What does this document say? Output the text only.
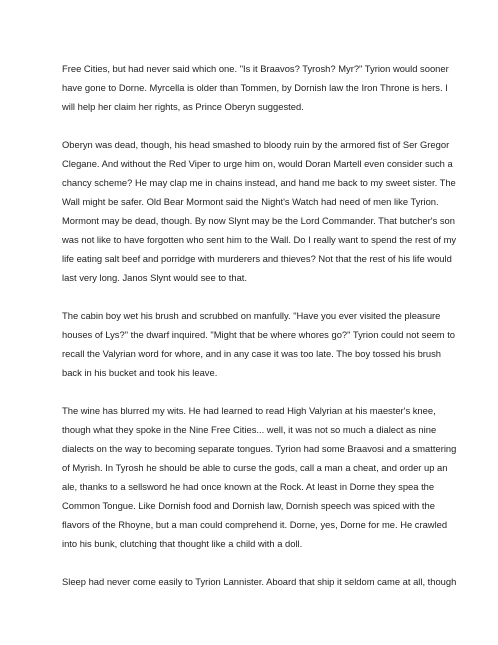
Free Cities, but had never said which one. "Is it Braavos? Tyrosh? Myr?" Tyrion would sooner
have gone to Dorne. Myrcella is older than Tommen, by Dornish law the Iron Throne is hers. I
will help her claim her rights, as Prince Oberyn suggested.

Oberyn was dead, though, his head smashed to bloody ruin by the armored fist of Ser Gregor
Clegane. And without the Red Viper to urge him on, would Doran Martell even consider such a
chancy scheme? He may clap me in chains instead, and hand me back to my sweet sister. The
Wall might be safer. Old Bear Mormont said the Night's Watch had need of men like Tyrion.
Mormont may be dead, though. By now Slynt may be the Lord Commander. That butcher's son
was not like to have forgotten who sent him to the Wall. Do I really want to spend the rest of my
life eating salt beef and porridge with murderers and thieves? Not that the rest of his life would
last very long. Janos Slynt would see to that.

The cabin boy wet his brush and scrubbed on manfully. "Have you ever visited the pleasure
houses of Lys?" the dwarf inquired. "Might that be where whores go?" Tyrion could not seem to
recall the Valyrian word for whore, and in any case it was too late. The boy tossed his brush
back in his bucket and took his leave.

The wine has blurred my wits. He had learned to read High Valyrian at his maester's knee,
though what they spoke in the Nine Free Cities... well, it was not so much a dialect as nine
dialects on the way to becoming separate tongues. Tyrion had some Braavosi and a smattering
of Myrish. In Tyrosh he should be able to curse the gods, call a man a cheat, and order up an
ale, thanks to a sellsword he had once known at the Rock. At least in Dorne they spea the
Common Tongue. Like Dornish food and Dornish law, Dornish speech was spiced with the
flavors of the Rhoyne, but a man could comprehend it. Dorne, yes, Dorne for me. He crawled
into his bunk, clutching that thought like a child with a doll.

Sleep had never come easily to Tyrion Lannister. Aboard that ship it seldom came at all, though
